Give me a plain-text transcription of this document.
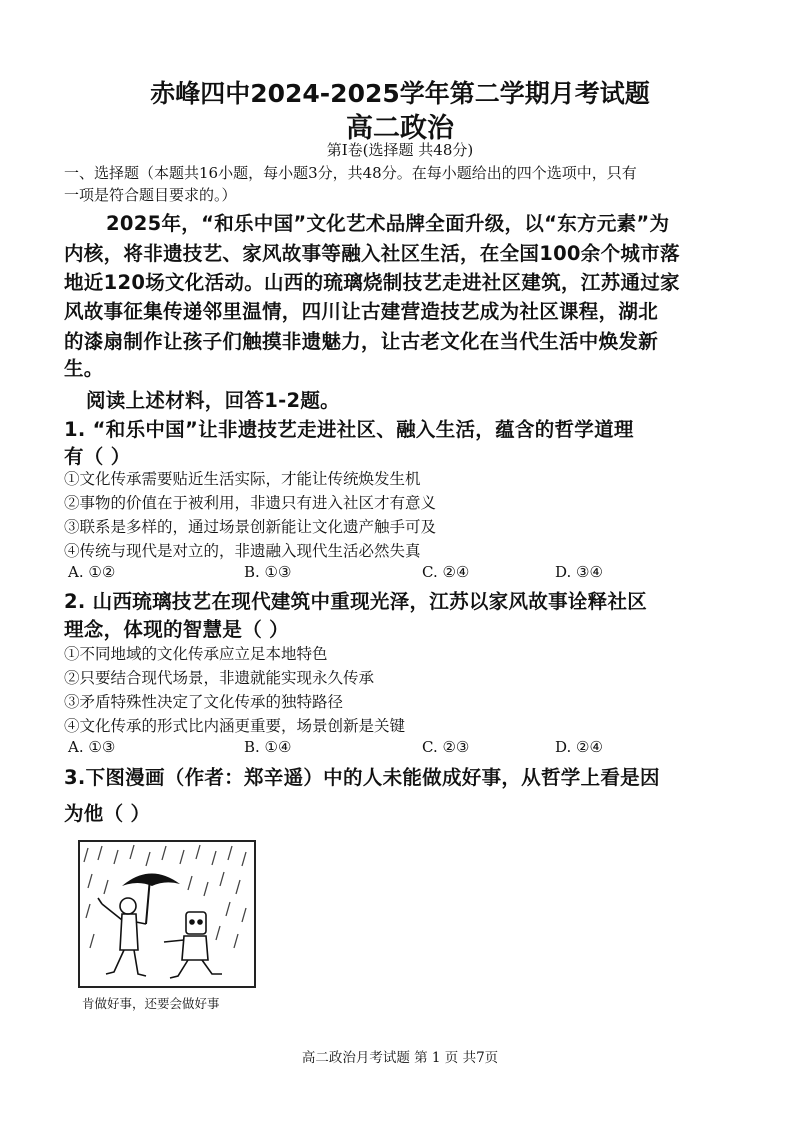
赤峰四中2024-2025学年第二学期月考试题
高二政治
第Ⅰ卷(选择题 共48分)
一、选择题（本题共16小题，每小题3分，共48分。在每小题给出的四个选项中，只有
一项是符合题目要求的。）
2025年，“和乐中国”文化艺术品牌全面升级，以“东方元素”为
内核，将非遗技艺、家风故事等融入社区生活，在全国100余个城市落
地近120场文化活动。山西的琉璃烧制技艺走进社区建筑，江苏通过家
风故事征集传递邻里温情，四川让古建营造技艺成为社区课程，湖北
的漆扇制作让孩子们触摸非遗魅力，让古老文化在当代生活中焕发新
生。
阅读上述材料，回答1-2题。
1. “和乐中国”让非遗技艺走进社区、融入生活，蕴含的哲学道理
有（ ）
①文化传承需要贴近生活实际，才能让传统焕发生机
②事物的价值在于被利用，非遗只有进入社区才有意义
③联系是多样的，通过场景创新能让文化遗产触手可及
④传统与现代是对立的，非遗融入现代生活必然失真
A. ①②	B. ①③	C. ②④	D. ③④
2. 山西琉璃技艺在现代建筑中重现光泽，江苏以家风故事诠释社区
理念，体现的智慧是（ ）
①不同地域的文化传承应立足本地特色
②只要结合现代场景，非遗就能实现永久传承
③矛盾特殊性决定了文化传承的独特路径
④文化传承的形式比内涵更重要，场景创新是关键
A. ①③	B. ①④	C. ②③	D. ②④
3.下图漫画（作者：郑辛遥）中的人未能做成好事，从哲学上看是因
为他（ ）
肯做好事，还要会做好事
高二政治月考试题 第 1 页 共7页
